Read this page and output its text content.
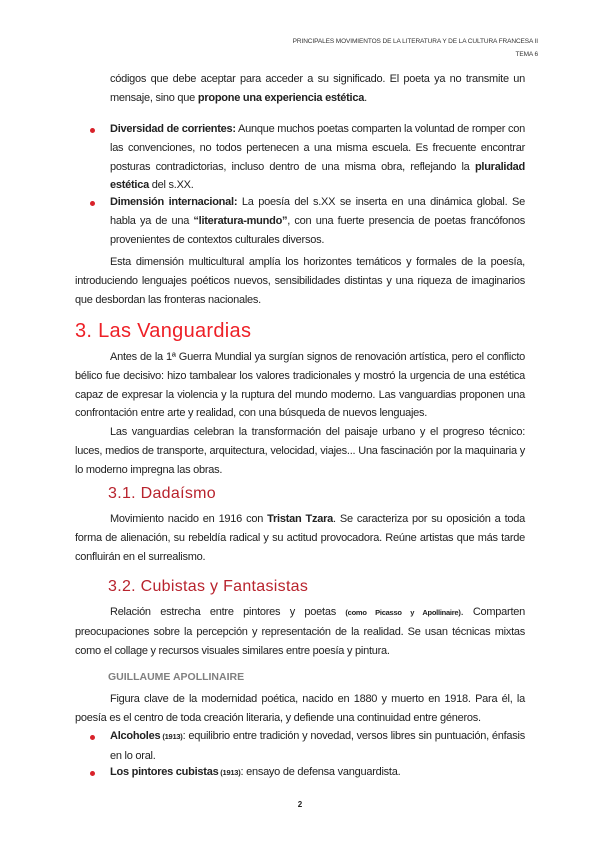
PRINCIPALES MOVIMIENTOS DE LA LITERATURA Y DE LA CULTURA FRANCESA II
TEMA 6
códigos que debe aceptar para acceder a su significado. El poeta ya no transmite un mensaje, sino que propone una experiencia estética.
Diversidad de corrientes: Aunque muchos poetas comparten la voluntad de romper con las convenciones, no todos pertenecen a una misma escuela. Es frecuente encontrar posturas contradictorias, incluso dentro de una misma obra, reflejando la pluralidad estética del s.XX.
Dimensión internacional: La poesía del s.XX se inserta en una dinámica global. Se habla ya de una “literatura-mundo”, con una fuerte presencia de poetas francófonos provenientes de contextos culturales diversos.
Esta dimensión multicultural amplía los horizontes temáticos y formales de la poesía, introduciendo lenguajes poéticos nuevos, sensibilidades distintas y una riqueza de imaginarios que desbordan las fronteras nacionales.
3. Las Vanguardias
Antes de la 1ª Guerra Mundial ya surgían signos de renovación artística, pero el conflicto bélico fue decisivo: hizo tambalear los valores tradicionales y mostró la urgencia de una estética capaz de expresar la violencia y la ruptura del mundo moderno. Las vanguardias proponen una confrontación entre arte y realidad, con una búsqueda de nuevos lenguajes.
Las vanguardias celebran la transformación del paisaje urbano y el progreso técnico: luces, medios de transporte, arquitectura, velocidad, viajes... Una fascinación por la maquinaria y lo moderno impregna las obras.
3.1. Dadaísmo
Movimiento nacido en 1916 con Tristan Tzara. Se caracteriza por su oposición a toda forma de alienación, su rebeldía radical y su actitud provocadora. Reúne artistas que más tarde confluirán en el surrealismo.
3.2. Cubistas y Fantasistas
Relación estrecha entre pintores y poetas (como Picasso y Apollinaire). Comparten preocupaciones sobre la percepción y representación de la realidad. Se usan técnicas mixtas como el collage y recursos visuales similares entre poesía y pintura.
GUILLAUME APOLLINAIRE
Figura clave de la modernidad poética, nacido en 1880 y muerto en 1918. Para él, la poesía es el centro de toda creación literaria, y defiende una continuidad entre géneros.
Alcoholes (1913): equilibrio entre tradición y novedad, versos libres sin puntuación, énfasis en lo oral.
Los pintores cubistas (1913): ensayo de defensa vanguardista.
2
